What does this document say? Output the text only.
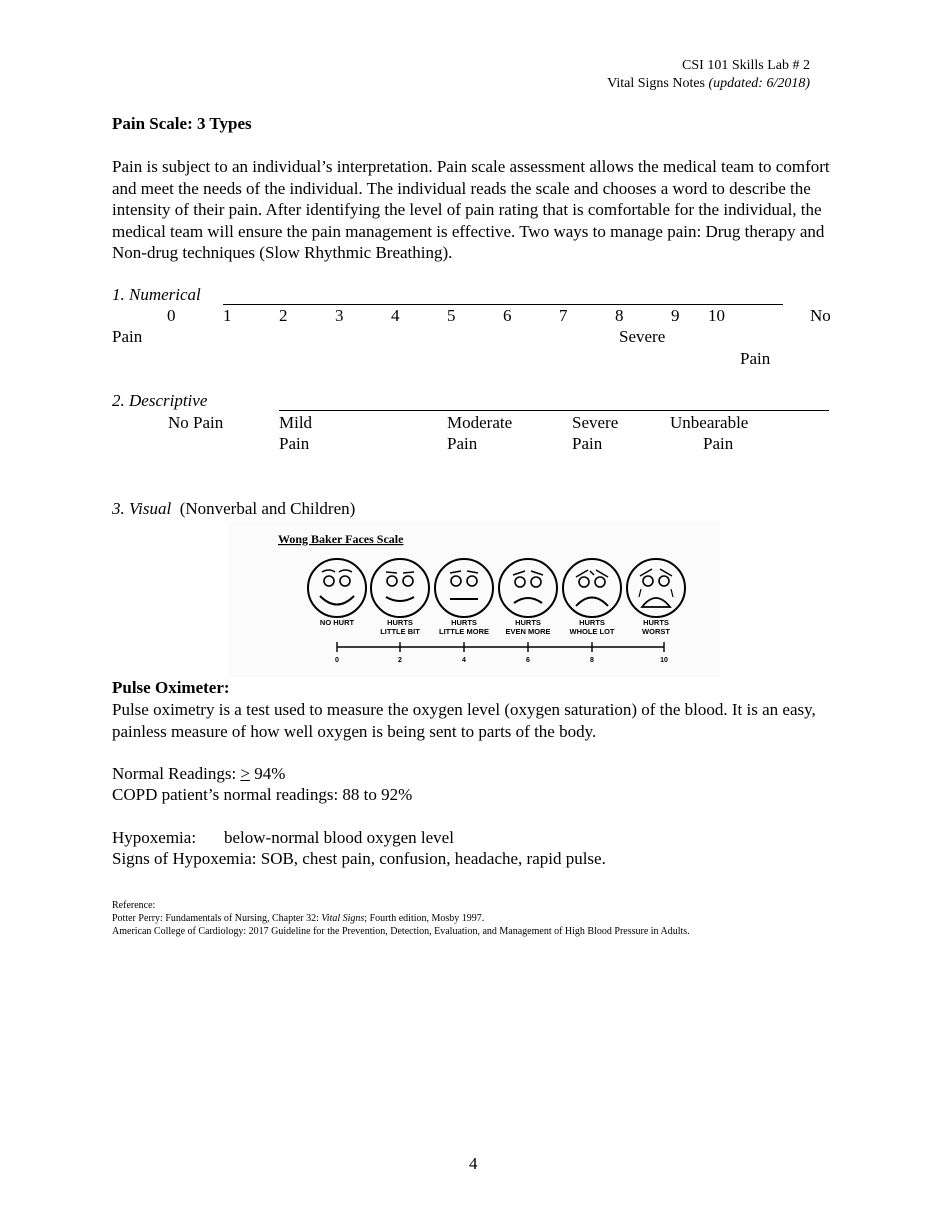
CSI 101 Skills Lab # 2
Vital Signs Notes (updated: 6/2018)
Pain Scale: 3 Types
Pain is subject to an individual’s interpretation. Pain scale assessment allows the medical team to comfort and meet the needs of the individual. The individual reads the scale and chooses a word to describe the intensity of their pain. After identifying the level of pain rating that is comfortable for the individual, the medical team will ensure the pain management is effective. Two ways to manage pain: Drug therapy and Non-drug techniques (Slow Rhythmic Breathing).
1. Numerical
0	1	2	3	4	5	6	7	8	9 10	No
Pain	Severe
Pain
2. Descriptive
No Pain	Mild	Moderate	Severe	Unbearable
Pain	Pain	Pain	Pain
3. Visual (Nonverbal and Children)
Wong Baker Faces Scale
NO HURT	HURTS
LITTLE BIT
HURTS
LITTLE MORE
HURTS
EVEN MORE
HURTS
WHOLE LOT
HURTS
WORST
0	2	4	6	8	10
Pulse Oximeter:
Pulse oximetry is a test used to measure the oxygen level (oxygen saturation) of the blood. It is an easy, painless measure of how well oxygen is being sent to parts of the body.
Normal Readings: > 94%
COPD patient’s normal readings: 88 to 92%
Hypoxemia: below-normal blood oxygen level
Signs of Hypoxemia: SOB, chest pain, confusion, headache, rapid pulse.
Reference:
Potter Perry: Fundamentals of Nursing, Chapter 32: Vital Signs; Fourth edition, Mosby 1997.
American College of Cardiology: 2017 Guideline for the Prevention, Detection, Evaluation, and Management of High Blood Pressure in Adults.
4
